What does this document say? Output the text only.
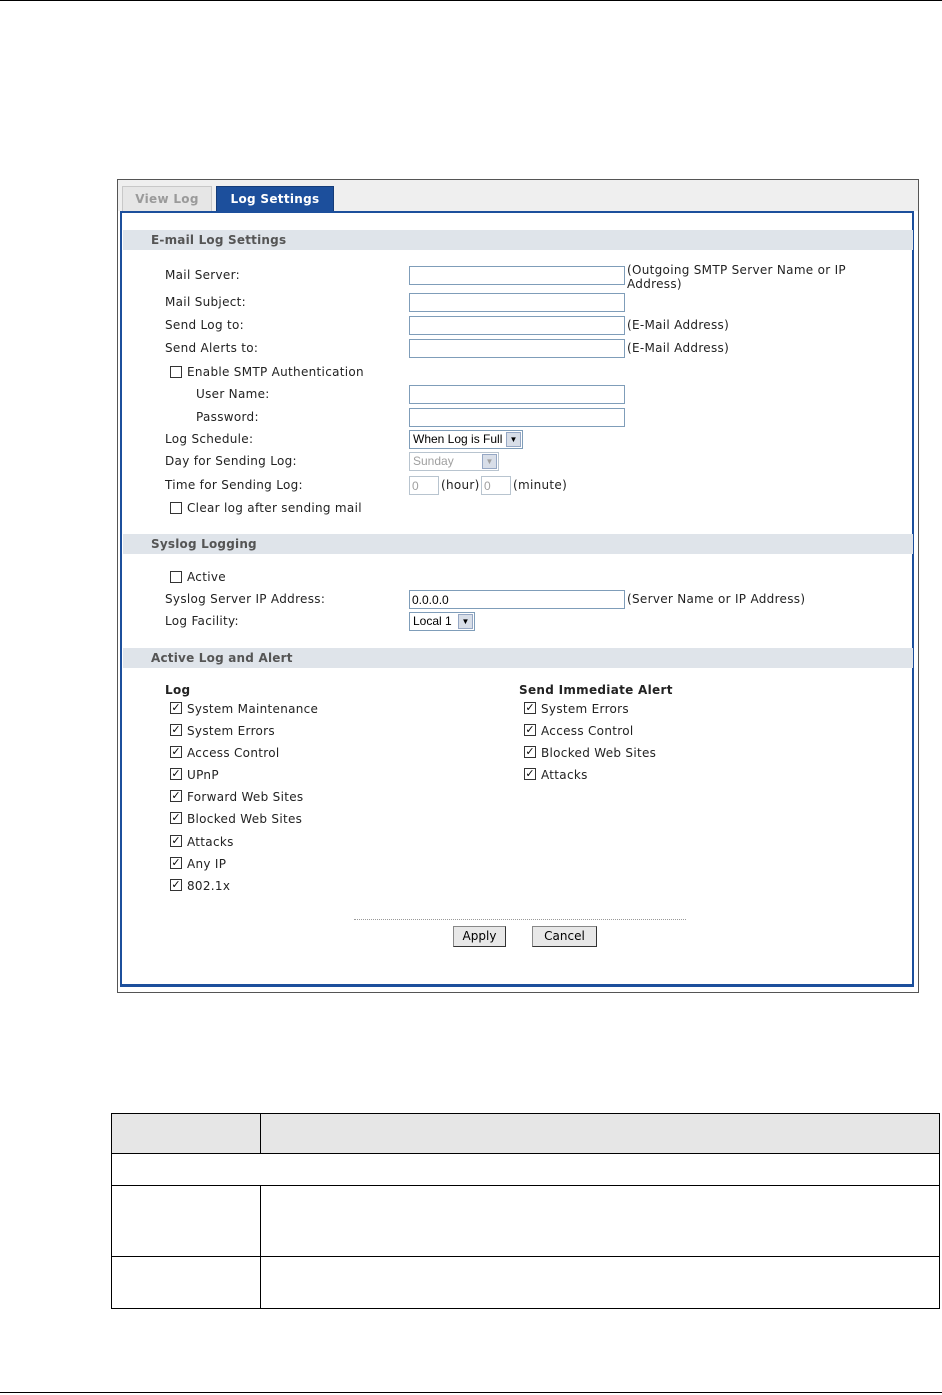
View Log	Log Settings
E-mail Log Settings
Mail Server:	(Outgoing SMTP Server Name or IP Address)
Mail Subject:
Send Log to:	(E-Mail Address)
Send Alerts to:	(E-Mail Address)
Enable SMTP Authentication
User Name:
Password:
Log Schedule:	When Log is Full ▼
Day for Sending Log:	Sunday	▼
Time for Sending Log:
0	(hour)
0	(minute)
Clear log after sending mail
Syslog Logging
Active
Syslog Server IP Address:
0.0.0.0	(Server Name or IP Address)
Log Facility:	Local 1	▼
Active Log and Alert
Log	Send Immediate Alert
✓ System Maintenance
✓ System Errors
✓ Access Control
✓ UPnP
✓ Forward Web Sites
✓ Blocked Web Sites
✓ Attacks
✓ Any IP
✓ 802.1x
✓ System Errors
✓ Access Control
✓ Blocked Web Sites
✓ Attacks
Apply	Cancel
